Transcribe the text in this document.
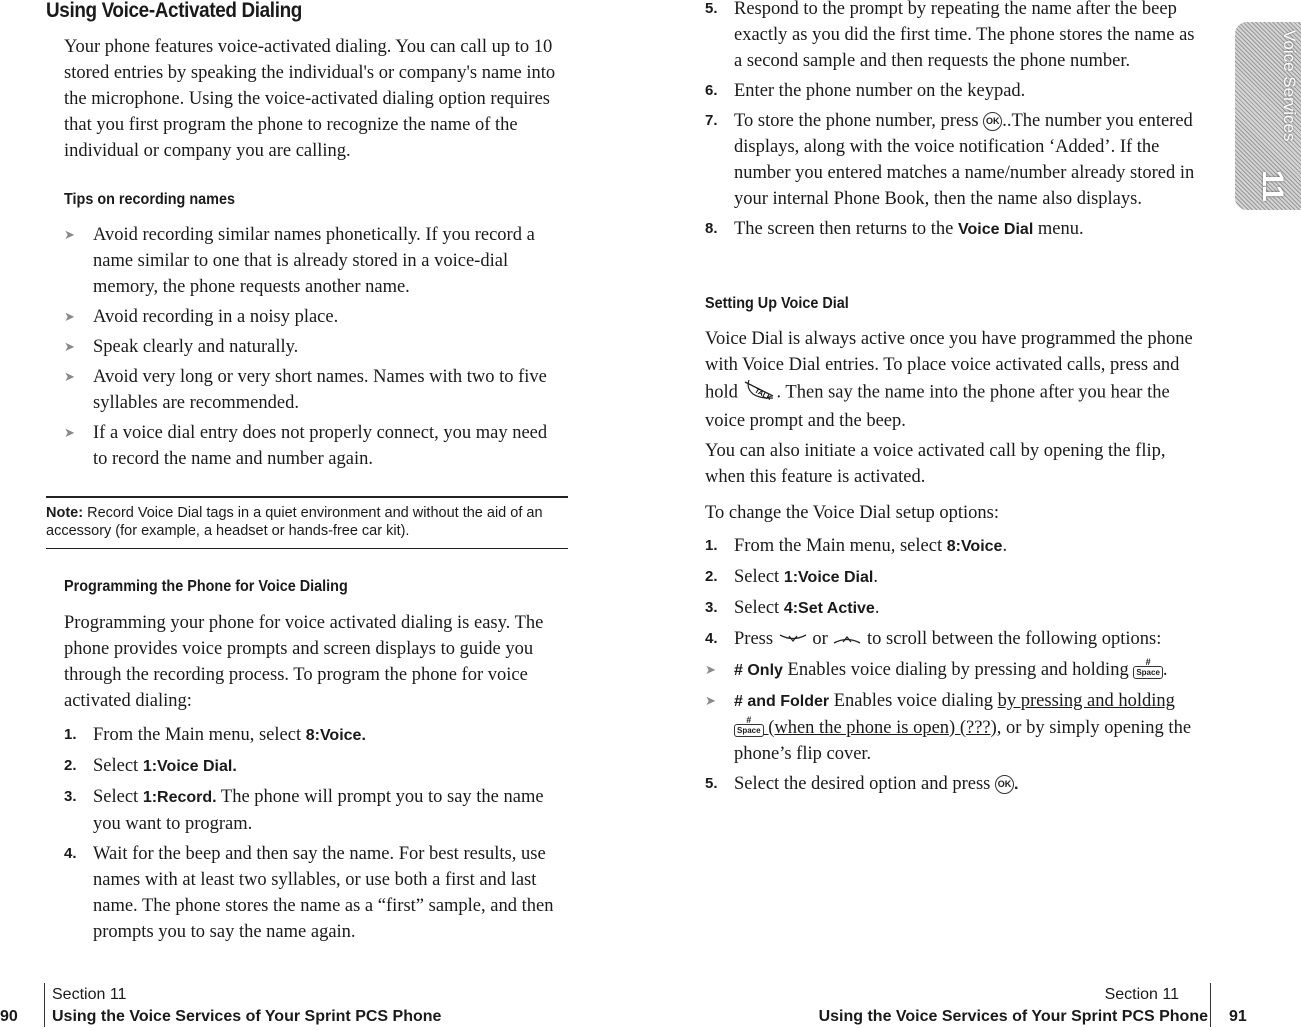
Using Voice-Activated Dialing
Your phone features voice-activated dialing. You can call up to 10 stored entries by speaking the individual's or company's name into the microphone. Using the voice-activated dialing option requires that you first program the phone to recognize the name of the individual or company you are calling.
Tips on recording names
➤ Avoid recording similar names phonetically. If you record a name similar to one that is already stored in a voice-dial memory, the phone requests another name.
➤ Avoid recording in a noisy place.
➤ Speak clearly and naturally.
➤ Avoid very long or very short names. Names with two to five syllables are recommended.
➤ If a voice dial entry does not properly connect, you may need to record the name and number again.
Note: Record Voice Dial tags in a quiet environment and without the aid of an accessory (for example, a headset or hands-free car kit).
Programming the Phone for Voice Dialing
Programming your phone for voice activated dialing is easy. The phone provides voice prompts and screen displays to guide you through the recording process. To program the phone for voice activated dialing:
1. From the Main menu, select 8:Voice.
2. Select 1:Voice Dial.
3. Select 1:Record. The phone will prompt you to say the name you want to program.
4. Wait for the beep and then say the name. For best results, use names with at least two syllables, or use both a first and last name. The phone stores the name as a “first” sample, and then prompts you to say the name again.
90
Section 11
Using the Voice Services of Your Sprint PCS Phone
5. Respond to the prompt by repeating the name after the beep exactly as you did the first time. The phone stores the name as a second sample and then requests the phone number.
6. Enter the phone number on the keypad.
7. To store the phone number, press OK ..The number you entered displays, along with the voice notification ‘Added’. If the number you entered matches a name/number already stored in your internal Phone Book, then the name also displays.
8. The screen then returns to the Voice Dial menu.
Setting Up Voice Dial
Voice Dial is always active once you have programmed the phone with Voice Dial entries. To place voice activated calls, press and hold TALK . Then say the name into the phone after you hear the voice prompt and the beep.
You can also initiate a voice activated call by opening the flip, when this feature is activated.
To change the Voice Dial setup options:
1. From the Main menu, select 8:Voice.
2. Select 1:Voice Dial.
3. Select 4:Set Active.
4. Press  or  to scroll between the following options:
➤	# Only Enables voice dialing by pressing and holding	#
Space .
➤	# and Folder Enables voice dialing by pressing and holding
#
Space (when the phone is open) (???), or by simply opening the phone’s flip cover.
5. Select the desired option and press OK .
Voice Services
11
Section 11
Using the Voice Services of Your Sprint PCS Phone 91
